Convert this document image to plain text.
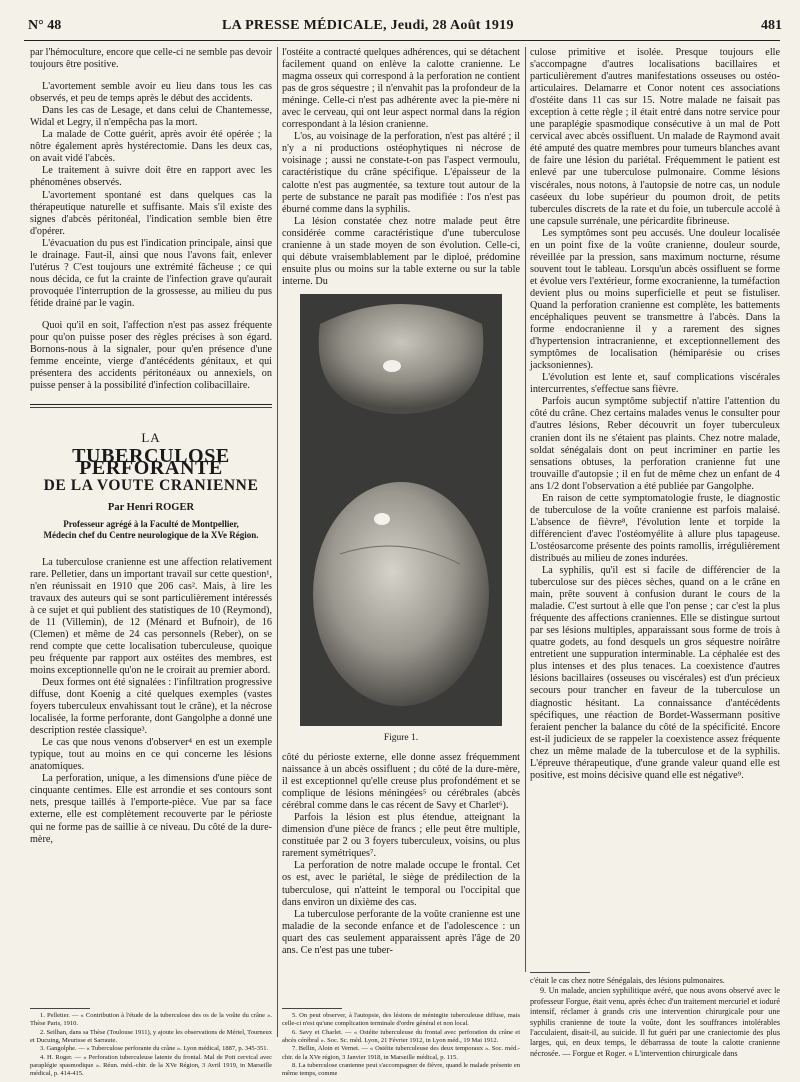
N° 48	LA PRESSE MÉDICALE, Jeudi, 28 Août 1919	481

par l'hémoculture, encore que celle-ci ne semble pas devoir toujours être positive.

L'avortement semble avoir eu lieu dans tous les cas observés, et peu de temps après le début des accidents.

Dans les cas de Lesage, et dans celui de Chantemesse, Widal et Legry, il n'empêcha pas la mort.

La malade de Cotte guérit, après avoir été opérée ; la nôtre également après hystérectomie. Dans les deux cas, on avait vidé l'abcès.

Le traitement à suivre doit être en rapport avec les phénomènes observés.

L'avortement spontané est dans quelques cas la thérapeutique naturelle et suffisante. Mais s'il existe des signes d'abcès péritonéal, l'indication semble bien être d'opérer.

L'évacuation du pus est l'indication principale, ainsi que le drainage. Faut-il, ainsi que nous l'avons fait, enlever l'utérus ? C'est toujours une extrémité fâcheuse ; ce qui nous décida, ce fut la crainte de l'infection grave qu'aurait provoquée l'interruption de la grossesse, au milieu du pus fétide drainé par le vagin.

Quoi qu'il en soit, l'affection n'est pas assez fréquente pour qu'on puisse poser des règles précises à son égard. Bornons-nous à la signaler, pour qu'en présence d'une femme enceinte, vierge d'antécédents génitaux, et qui présentera des accidents péritonéaux ou annexiels, on puisse penser à la possibilité d'infection colibacillaire.

LA
TUBERCULOSE PERFORANTE
DE LA VOUTE CRANIENNE
Par Henri ROGER
Professeur agrégé à la Faculté de Montpellier,
Médecin chef du Centre neurologique de la XVe Région.

La tuberculose cranienne est une affection relativement rare. Pelletier, dans un important travail sur cette question¹, n'en réunissait en 1910 que 206 cas². Mais, à lire les travaux des auteurs qui se sont particulièrement intéressés à ce sujet et qui publient des statistiques de 10 (Reymond), de 11 (Villemin), de 12 (Ménard et Bufnoir), de 16 (Clemen) et même de 24 cas personnels (Reber), on se rend compte que cette localisation tuberculeuse, quoique peu fréquente par rapport aux ostéites des membres, est moins exceptionnelle qu'on ne le croirait au premier abord.

Deux formes ont été signalées : l'infiltration progressive diffuse, dont Koenig a cité quelques exemples (vastes foyers tuberculeux envahissant tout le crâne), et la nécrose localisée, la forme perforante, dont Gangolphe a donné une description restée classique³.

Le cas que nous venons d'observer⁴ en est un exemple typique, tout au moins en ce qui concerne les lésions anatomiques.

La perforation, unique, a les dimensions d'une pièce de cinquante centimes. Elle est arrondie et ses contours sont nets, presque taillés à l'emporte-pièce. Vue par sa face externe, elle est complètement recouverte par le périoste qui ne forme pas de saillie à ce niveau. Du côté de la dure-mère,

l'ostéite a contracté quelques adhérences, qui se détachent facilement quand on enlève la calotte cranienne. Le magma osseux qui correspond à la perforation ne contient pas de gros séquestre ; il n'envahit pas la profondeur de la méninge. Celle-ci n'est pas adhérente avec la pie-mère ni avec le cerveau, qui ont leur aspect normal dans la région correspondant à la lésion cranienne.

L'os, au voisinage de la perforation, n'est pas altéré ; il n'y a ni productions ostéophytiques ni nécrose de voisinage ; aussi ne constate-t-on pas l'aspect vermoulu, caractéristique du crâne spécifique. L'épaisseur de la calotte n'est pas augmentée, sa texture tout autour de la perte de substance ne paraît pas modifiée : l'os n'est pas éburné comme dans la syphilis.

La lésion constatée chez notre malade peut être considérée comme caractéristique d'une tuberculose cranienne à un stade moyen de son évolution. Celle-ci, qui débute vraisemblablement par le diploé, prédomine ensuite plus ou moins sur la table externe ou sur la table interne. Du

Figure 1.

côté du périoste externe, elle donne assez fréquemment naissance à un abcès ossifluent ; du côté de la dure-mère, il est exceptionnel qu'elle creuse plus profondément et se complique de lésions méningées⁵ ou cérébrales (abcès cérébral comme dans le cas récent de Savy et Charlet⁶).

Parfois la lésion est plus étendue, atteignant la dimension d'une pièce de francs ; elle peut être multiple, constituée par 2 ou 3 foyers tuberculeux, voisins, ou plus rarement symétriques⁷.

La perforation de notre malade occupe le frontal. Cet os est, avec le pariétal, le siège de prédilection de la tuberculose, qui n'atteint le temporal ou l'occipital que dans environ un dixième des cas.

La tuberculose perforante de la voûte cranienne est une maladie de la seconde enfance et de l'adolescence : un quart des cas seulement apparaissent après l'âge de 20 ans. Ce n'est pas une tuber-

culose primitive et isolée. Presque toujours elle s'accompagne d'autres localisations bacillaires et particulièrement d'autres manifestations osseuses ou ostéo-articulaires. Delamarre et Conor notent ces associations d'ostéite dans 11 cas sur 15. Notre malade ne faisait pas exception à cette règle ; il était entré dans notre service pour une paraplégie spasmodique consécutive à un mal de Pott cervical avec abcès ossifluent. Un malade de Raymond avait été amputé des quatre membres pour tumeurs blanches avant de faire une lésion du pariétal. Fréquemment le patient est enlevé par une tuberculose pulmonaire. Comme lésions viscérales, nous notons, à l'autopsie de notre cas, un nodule caséeux du lobe supérieur du poumon droit, de petits tubercules discrets de la rate et du foie, un tubercule accolé à une capsule surrénale, une péricardite fibrineuse.

Les symptômes sont peu accusés. Une douleur localisée en un point fixe de la voûte cranienne, douleur sourde, réveillée par la pression, sans maximum nocturne, résume souvent tout le tableau. Lorsqu'un abcès ossifluent se forme et évolue vers l'extérieur, forme exocranienne, la tuméfaction devient plus ou moins superficielle et peut se fistuliser. Quand la perforation cranienne est complète, les battements encéphaliques peuvent se transmettre à l'abcès. Dans la forme endocranienne il y a rarement des signes d'hypertension intracranienne, et exceptionnellement des symptômes de localisation (hémiparésie ou crises jacksoniennes).

L'évolution est lente et, sauf complications viscérales intercurrentes, s'effectue sans fièvre.

Parfois aucun symptôme subjectif n'attire l'attention du côté du crâne. Chez certains malades venus le consulter pour d'autres lésions, Reber découvrit un foyer tuberculeux cranien dont ils ne s'étaient pas plaints. Chez notre malade, soldat sénégalais dont on peut incriminer en partie les sensations obtuses, la perforation cranienne fut une trouvaille d'autopsie ; il en fut de même chez un enfant de 4 ans 1/2 dont l'observation a été publiée par Gangolphe.

En raison de cette symptomatologie fruste, le diagnostic de tuberculose de la voûte cranienne est parfois malaisé. L'absence de fièvre⁸, l'évolution lente et torpide la différencient d'avec l'ostéomyélite à allure plus tapageuse. L'ostéosarcome présente des points ramollis, irrégulièrement distribués au milieu de zones indurées.

La syphilis, qu'il est si facile de différencier de la tuberculose sur des pièces sèches, quand on a le crâne en main, prête souvent à confusion durant le cours de la maladie. C'est surtout à elle que l'on pense ; car c'est la plus fréquente des affections craniennes. Elle se distingue surtout par ses lésions multiples, apparaissant sous forme de trois à quatre godets, au fond desquels un gros séquestre noirâtre entretient une suppuration interminable. La céphalée est des plus intenses et des plus tenaces. La coexistence d'autres lésions bacillaires (osseuses ou viscérales) est d'un précieux secours pour trancher en faveur de la tuberculose un diagnostic hésitant. La connaissance d'antécédents spécifiques, une réaction de Bordet-Wassermann positive feraient pencher la balance du côté de la spécificité. Encore est-il judicieux de se rappeler la coexistence assez fréquente chez un même malade de la tuberculose et de la syphilis. L'épreuve thérapeutique, d'une grande valeur quand elle est positive, est moins décisive quand elle est négative⁹.

1. Pelletier. — « Contribution à l'étude de la tuberculose des os de la voûte du crâne ». Thèse Paris, 1910.

2. Seilhan, dans sa Thèse (Toulouse 1911), y ajoute les observations de Mériel, Tourneux et Ducuing, Meurisse et Sarraute.

3. Gangolphe. — « Tuberculose perforante du crâne ». Lyon médical, 1887, p. 345-351.

4. H. Roger. — « Perforation tuberculeuse latente du frontal. Mal de Pott cervical avec paraplégie spasmodique ». Réun. méd.-chir. de la XVe Région, 3 Avril 1919, in Marseille médical, p. 414-415.

5. On peut observer, à l'autopsie, des lésions de méningite tuberculeuse diffuse, mais celle-ci n'est qu'une complication terminale d'ordre général et non local.

6. Savy et Charlet. — « Ostéite tuberculeuse du frontal avec perforation du crâne et abcès cérébral ». Soc. Sc. méd. Lyon, 21 Février 1912, in Lyon méd., 19 Mai 1912.

7. Bellin, Aloin et Vernet. — « Ostéite tuberculeuse des deux temporaux ». Soc. méd.-chir. de la XVe région, 3 Janvier 1918, in Marseille médical, p. 115.

8. La tuberculose cranienne peut s'accompagner de fièvre, quand le malade présente en même temps, comme

c'était le cas chez notre Sénégalais, des lésions pulmonaires.

9. Un malade, ancien syphilitique avéré, que nous avons observé avec le professeur Forgue, était venu, après échec d'un traitement mercuriel et ioduré intensif, réclamer à grands cris une intervention chirurgicale pour une syphilis cranienne de toute la voûte, dont les souffrances intolérables l'acculaient, disait-il, au suicide. Il fut guéri par une craniectomie des plus larges, qui, en deux temps, le débarrassa de toute la calotte cranienne nécrosée. — Forgue et Roger. « L'intervention chirurgicale dans
